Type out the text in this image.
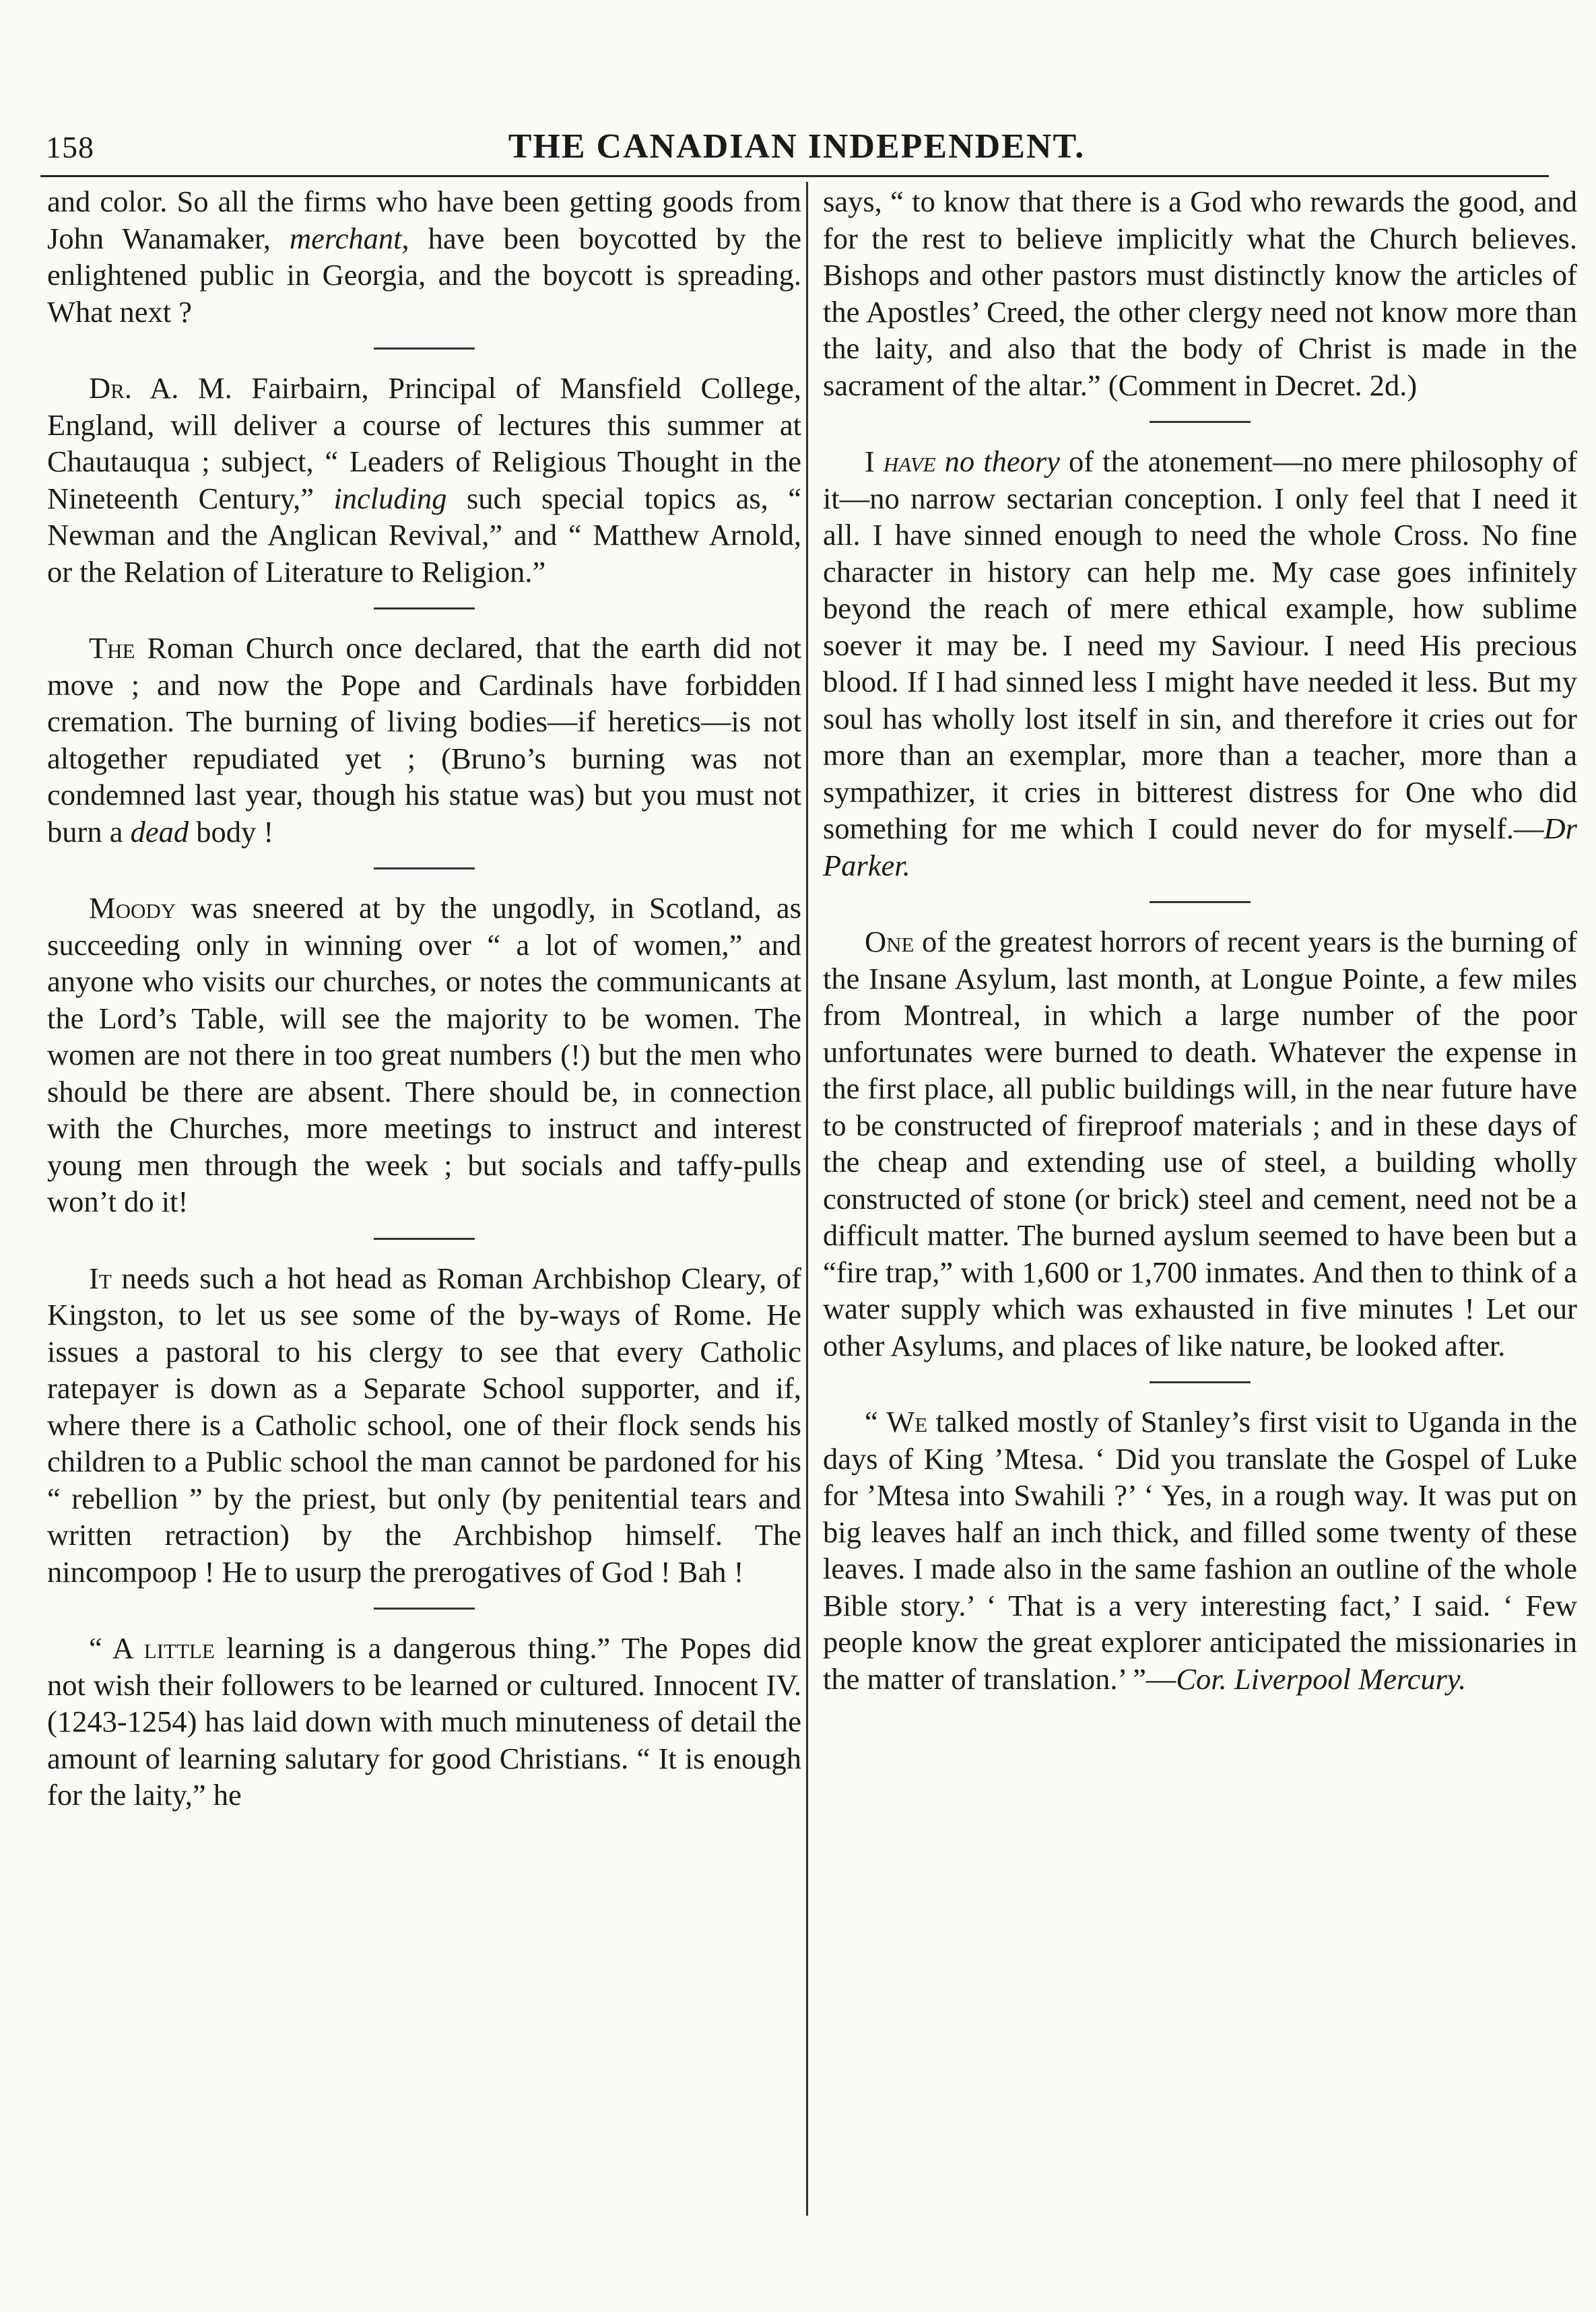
158	THE CANADIAN INDEPENDENT.

and color. So all the firms who have been getting goods from John Wanamaker, merchant, have been boycotted by the enlightened public in Georgia, and the boycott is spreading. What next ?

Dr. A. M. Fairbairn, Principal of Mansfield College, England, will deliver a course of lectures this summer at Chautauqua ; subject, “ Leaders of Religious Thought in the Nineteenth Century,” including such special topics as, “ Newman and the Anglican Revival,” and “ Matthew Arnold, or the Relation of Literature to Religion.”

The Roman Church once declared, that the earth did not move ; and now the Pope and Cardinals have forbidden cremation. The burning of living bodies—if heretics—is not altogether repudiated yet ; (Bruno’s burning was not condemned last year, though his statue was) but you must not burn a dead body !

Moody was sneered at by the ungodly, in Scotland, as succeeding only in winning over “ a lot of women,” and anyone who visits our churches, or notes the communicants at the Lord’s Table, will see the majority to be women. The women are not there in too great numbers (!) but the men who should be there are absent. There should be, in connection with the Churches, more meetings to instruct and interest young men through the week ; but socials and taffy-pulls won’t do it!

It needs such a hot head as Roman Archbishop Cleary, of Kingston, to let us see some of the by-ways of Rome. He issues a pastoral to his clergy to see that every Catholic ratepayer is down as a Separate School supporter, and if, where there is a Catholic school, one of their flock sends his children to a Public school the man cannot be pardoned for his “ rebellion ” by the priest, but only (by penitential tears and written retraction) by the Archbishop himself. The nincompoop ! He to usurp the prerogatives of God ! Bah !

“ A little learning is a dangerous thing.” The Popes did not wish their followers to be learned or cultured. Innocent IV. (1243-1254) has laid down with much minuteness of detail the amount of learning salutary for good Christians. “ It is enough for the laity,” he

says, “ to know that there is a God who rewards the good, and for the rest to believe implicitly what the Church believes. Bishops and other pastors must distinctly know the articles of the Apostles’ Creed, the other clergy need not know more than the laity, and also that the body of Christ is made in the sacrament of the altar.” (Comment in Decret. 2d.)

I have no theory of the atonement—no mere philosophy of it—no narrow sectarian conception. I only feel that I need it all. I have sinned enough to need the whole Cross. No fine character in history can help me. My case goes infinitely beyond the reach of mere ethical example, how sublime soever it may be. I need my Saviour. I need His precious blood. If I had sinned less I might have needed it less. But my soul has wholly lost itself in sin, and therefore it cries out for more than an exemplar, more than a teacher, more than a sympathizer, it cries in bitterest distress for One who did something for me which I could never do for myself.—Dr Parker.

One of the greatest horrors of recent years is the burning of the Insane Asylum, last month, at Longue Pointe, a few miles from Montreal, in which a large number of the poor unfortunates were burned to death. Whatever the expense in the first place, all public buildings will, in the near future have to be constructed of fireproof materials ; and in these days of the cheap and extending use of steel, a building wholly constructed of stone (or brick) steel and cement, need not be a difficult matter. The burned ayslum seemed to have been but a “fire trap,” with 1,600 or 1,700 inmates. And then to think of a water supply which was exhausted in five minutes ! Let our other Asylums, and places of like nature, be looked after.

“ We talked mostly of Stanley’s first visit to Uganda in the days of King ’Mtesa. ‘ Did you translate the Gospel of Luke for ’Mtesa into Swahili ?’ ‘ Yes, in a rough way. It was put on big leaves half an inch thick, and filled some twenty of these leaves. I made also in the same fashion an outline of the whole Bible story.’ ‘ That is a very interesting fact,’ I said. ‘ Few people know the great explorer anticipated the missionaries in the matter of translation.’ ”—Cor. Liverpool Mercury.
